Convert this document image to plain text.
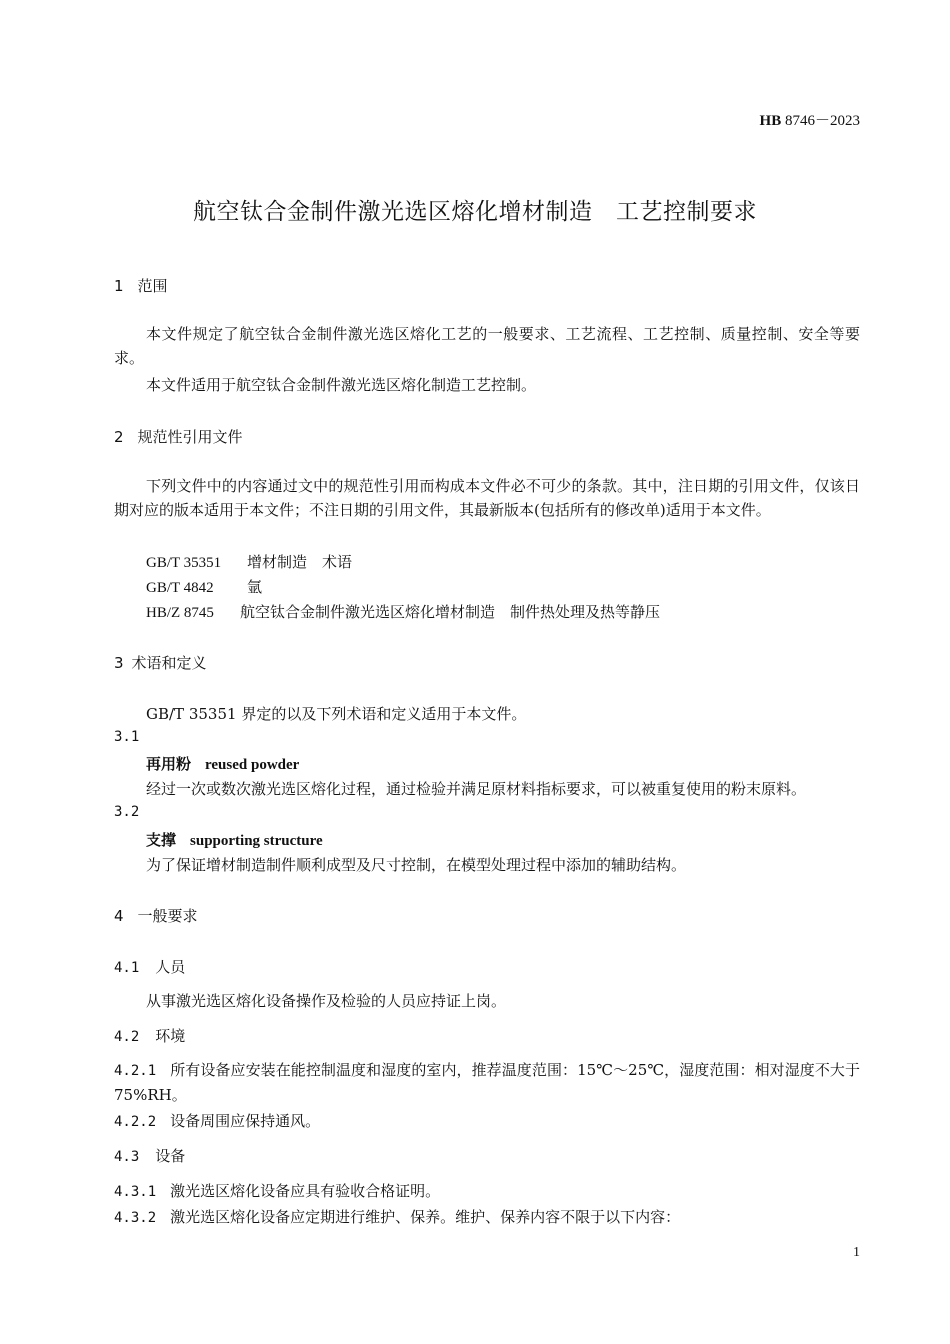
HB 8746－2023
航空钛合金制件激光选区熔化增材制造　工艺控制要求
1 范围
本文件规定了航空钛合金制件激光选区熔化工艺的一般要求、工艺流程、工艺控制、质量控制、安全等要求。
本文件适用于航空钛合金制件激光选区熔化制造工艺控制。
2 规范性引用文件
下列文件中的内容通过文中的规范性引用而构成本文件必不可少的条款。其中，注日期的引用文件，仅该日期对应的版本适用于本文件；不注日期的引用文件，其最新版本(包括所有的修改单)适用于本文件。
GB/T 35351 增材制造　术语
GB/T 4842 氩
HB/Z 8745 航空钛合金制件激光选区熔化增材制造　制件热处理及热等静压
3 术语和定义
GB/T 35351 界定的以及下列术语和定义适用于本文件。
3.1
再用粉 reused powder
经过一次或数次激光选区熔化过程，通过检验并满足原材料指标要求，可以被重复使用的粉末原料。
3.2
支撑 supporting structure
为了保证增材制造制件顺利成型及尺寸控制，在模型处理过程中添加的辅助结构。
4 一般要求
4.1 人员
从事激光选区熔化设备操作及检验的人员应持证上岗。
4.2 环境
4.2.1 所有设备应安装在能控制温度和湿度的室内，推荐温度范围：15℃～25℃，湿度范围：相对湿度不大于 75%RH。
4.2.2 设备周围应保持通风。
4.3 设备
4.3.1 激光选区熔化设备应具有验收合格证明。
4.3.2 激光选区熔化设备应定期进行维护、保养。维护、保养内容不限于以下内容：
1
